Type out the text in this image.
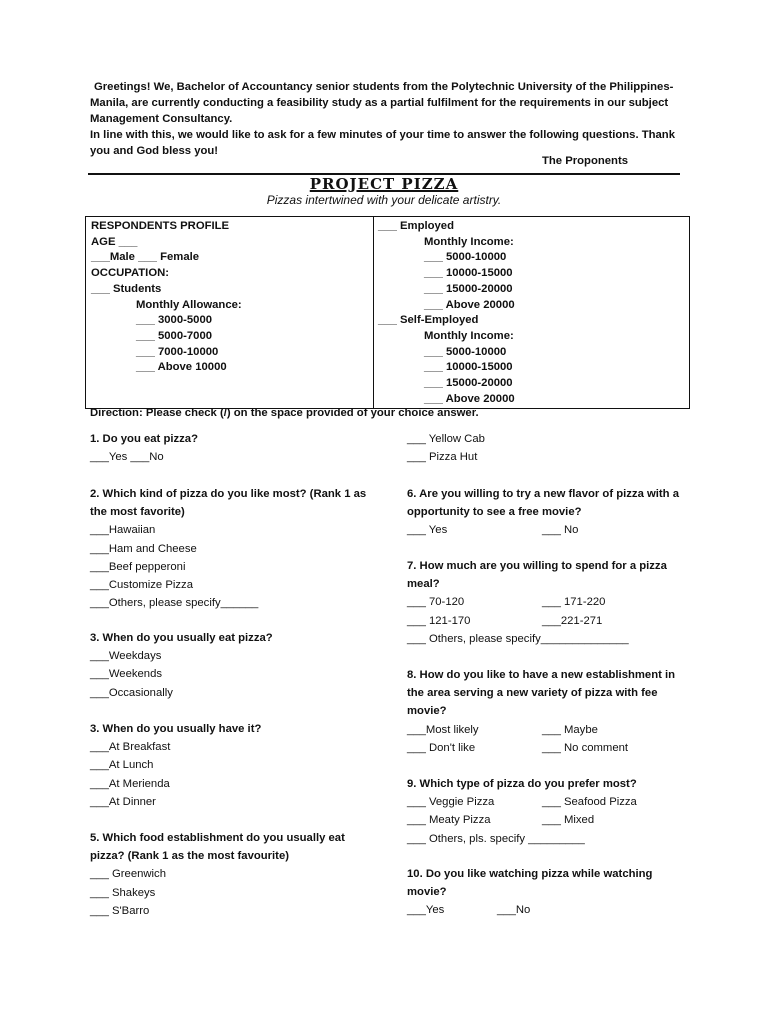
Greetings! We, Bachelor of Accountancy senior students from the Polytechnic University of the Philippines-Manila, are currently conducting a feasibility study as a partial fulfilment for the requirements in our subject Management Consultancy.

In line with this, we would like to ask for a few minutes of your time to answer the following questions. Thank you and God bless you!

The Proponents
PROJECT PIZZA
Pizzas intertwined with your delicate artistry.
RESPONDENTS PROFILE
AGE ___
___Male ___ Female
OCCUPATION:
___ Students
Monthly Allowance:
___ 3000-5000
___ 5000-7000
___ 7000-10000
___ Above 10000
___ Employed
Monthly Income:
___ 5000-10000
___ 10000-15000
___ 15000-20000
___ Above 20000
___ Self-Employed
Monthly Income:
___ 5000-10000
___ 10000-15000
___ 15000-20000
___ Above 20000
Direction: Please check (/) on the space provided of your choice answer.
1. Do you eat pizza?
___Yes ___No
2. Which kind of pizza do you like most? (Rank 1 as
the most favorite)
___Hawaiian
___Ham and Cheese
___Beef pepperoni
___Customize Pizza
___Others, please specify______
3. When do you usually eat pizza?
___Weekdays
___Weekends
___Occasionally
3. When do you usually have it?
___At Breakfast
___At Lunch
___At Merienda
___At Dinner
5. Which food establishment do you usually eat
pizza? (Rank 1 as the most favourite)
___ Greenwich
___ Shakeys
___ S'Barro
___ Yellow Cab
___ Pizza Hut
6. Are you willing to try a new flavor of pizza with a
opportunity to see a free movie?
___ Yes	___ No
7. How much are you willing to spend for a pizza
meal?
___ 70-120	___ 171-220
___ 121-170	___221-271
___ Others, please specify______________
8. How do you like to have a new establishment in
the area serving a new variety of pizza with fee
movie?
___Most likely	___ Maybe
___ Don't like	___ No comment
9. Which type of pizza do you prefer most?
___ Veggie Pizza	___ Seafood Pizza
___ Meaty Pizza	___ Mixed
___ Others, pls. specify _________
10. Do you like watching pizza while watching
movie?
___Yes	___No
